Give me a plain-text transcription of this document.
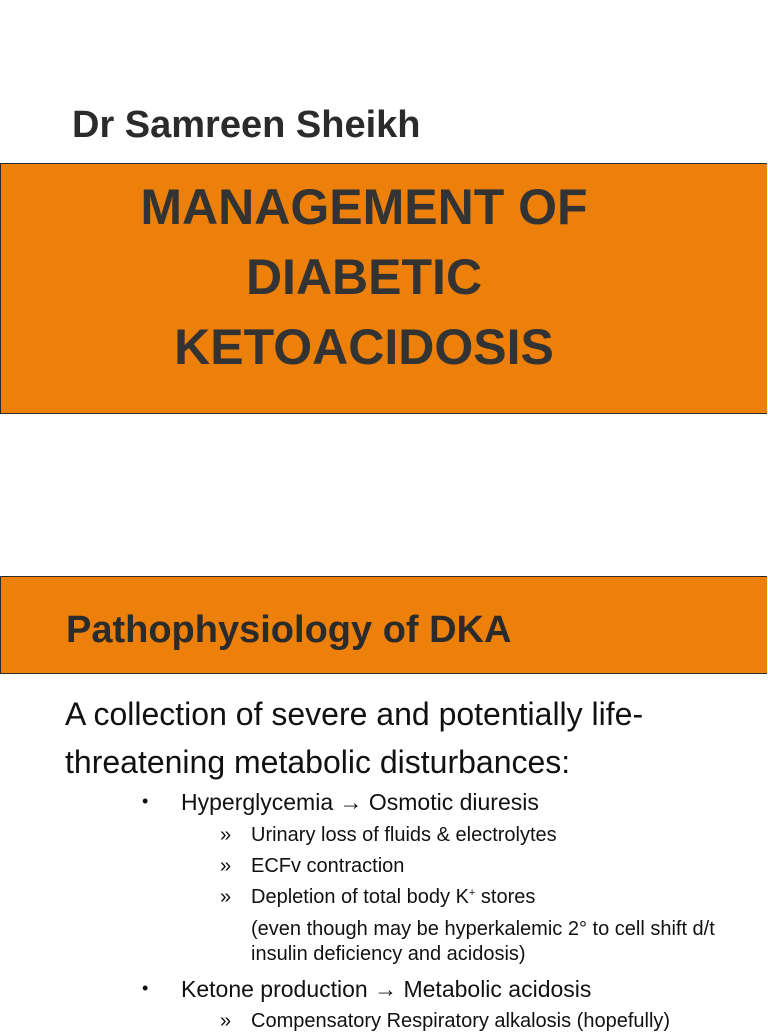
Dr Samreen Sheikh
MANAGEMENT OF
DIABETIC
KETOACIDOSIS
Pathophysiology of DKA
A collection of severe and potentially life-threatening metabolic disturbances:
• Hyperglycemia → Osmotic diuresis
» Urinary loss of fluids & electrolytes
» ECFv contraction
» Depletion of total body K+ stores
(even though may be hyperkalemic 2° to cell shift d/t insulin deficiency and acidosis)
• Ketone production → Metabolic acidosis
» Compensatory Respiratory alkalosis (hopefully)
